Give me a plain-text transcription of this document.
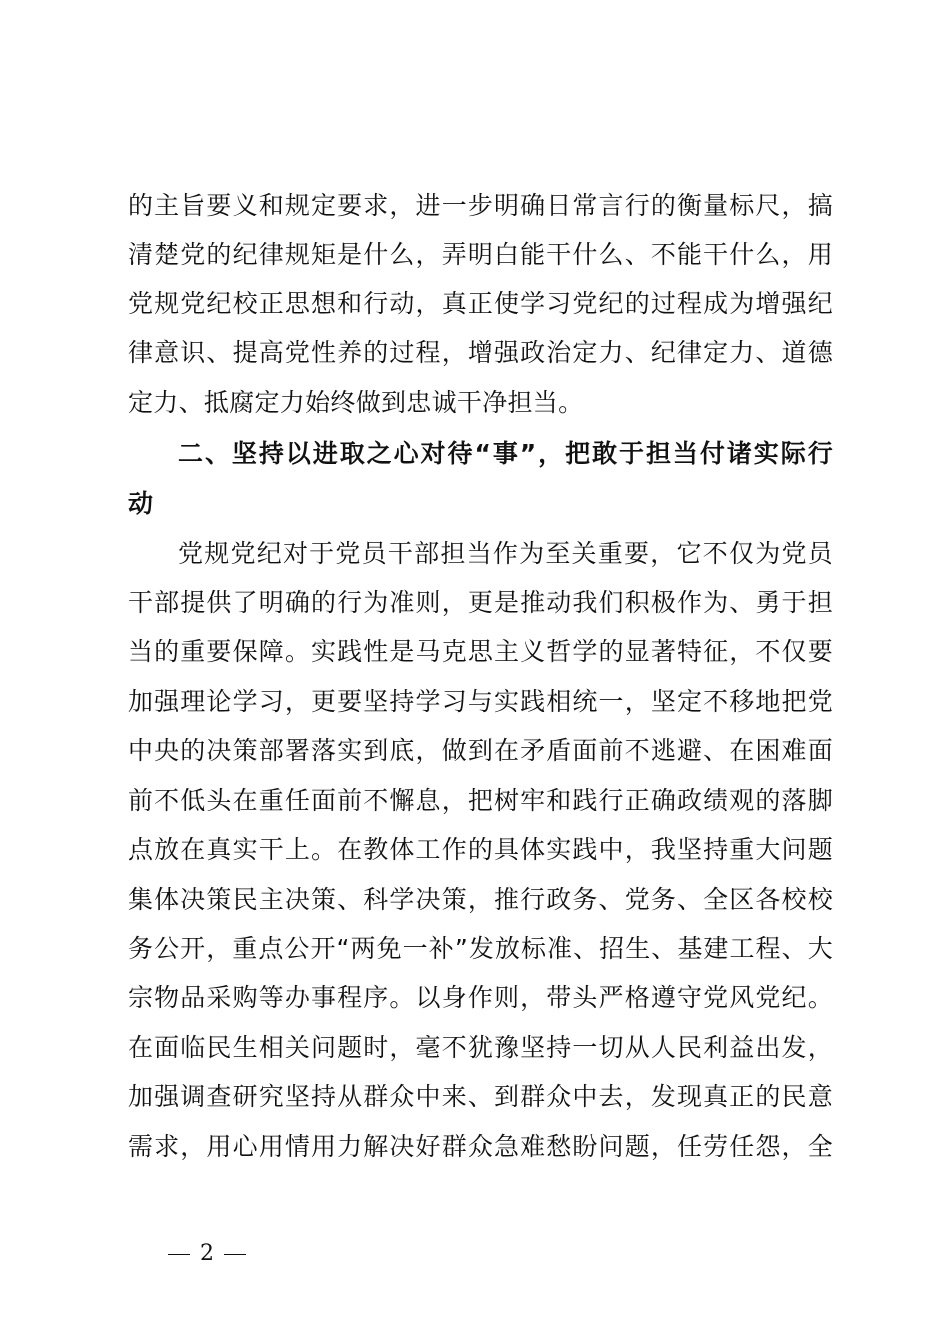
的主旨要义和规定要求，进一步明确日常言行的衡量标尺，搞
清楚党的纪律规矩是什么，弄明白能干什么、不能干什么，用
党规党纪校正思想和行动，真正使学习党纪的过程成为增强纪
律意识、提高党性养的过程，增强政治定力、纪律定力、道德
定力、抵腐定力始终做到忠诚干净担当。
二、坚持以进取之心对待“事”，把敢于担当付诸实际行
动
党规党纪对于党员干部担当作为至关重要，它不仅为党员
干部提供了明确的行为准则，更是推动我们积极作为、勇于担
当的重要保障。实践性是马克思主义哲学的显著特征，不仅要
加强理论学习，更要坚持学习与实践相统一，坚定不移地把党
中央的决策部署落实到底，做到在矛盾面前不逃避、在困难面
前不低头在重任面前不懈息，把树牢和践行正确政绩观的落脚
点放在真实干上。在教体工作的具体实践中，我坚持重大问题
集体决策民主决策、科学决策，推行政务、党务、全区各校校
务公开，重点公开“两免一补”发放标准、招生、基建工程、大
宗物品采购等办事程序。以身作则，带头严格遵守党风党纪。
在面临民生相关问题时，毫不犹豫坚持一切从人民利益出发，
加强调查研究坚持从群众中来、到群众中去，发现真正的民意
需求，用心用情用力解决好群众急难愁盼问题，任劳任怨，全
2
